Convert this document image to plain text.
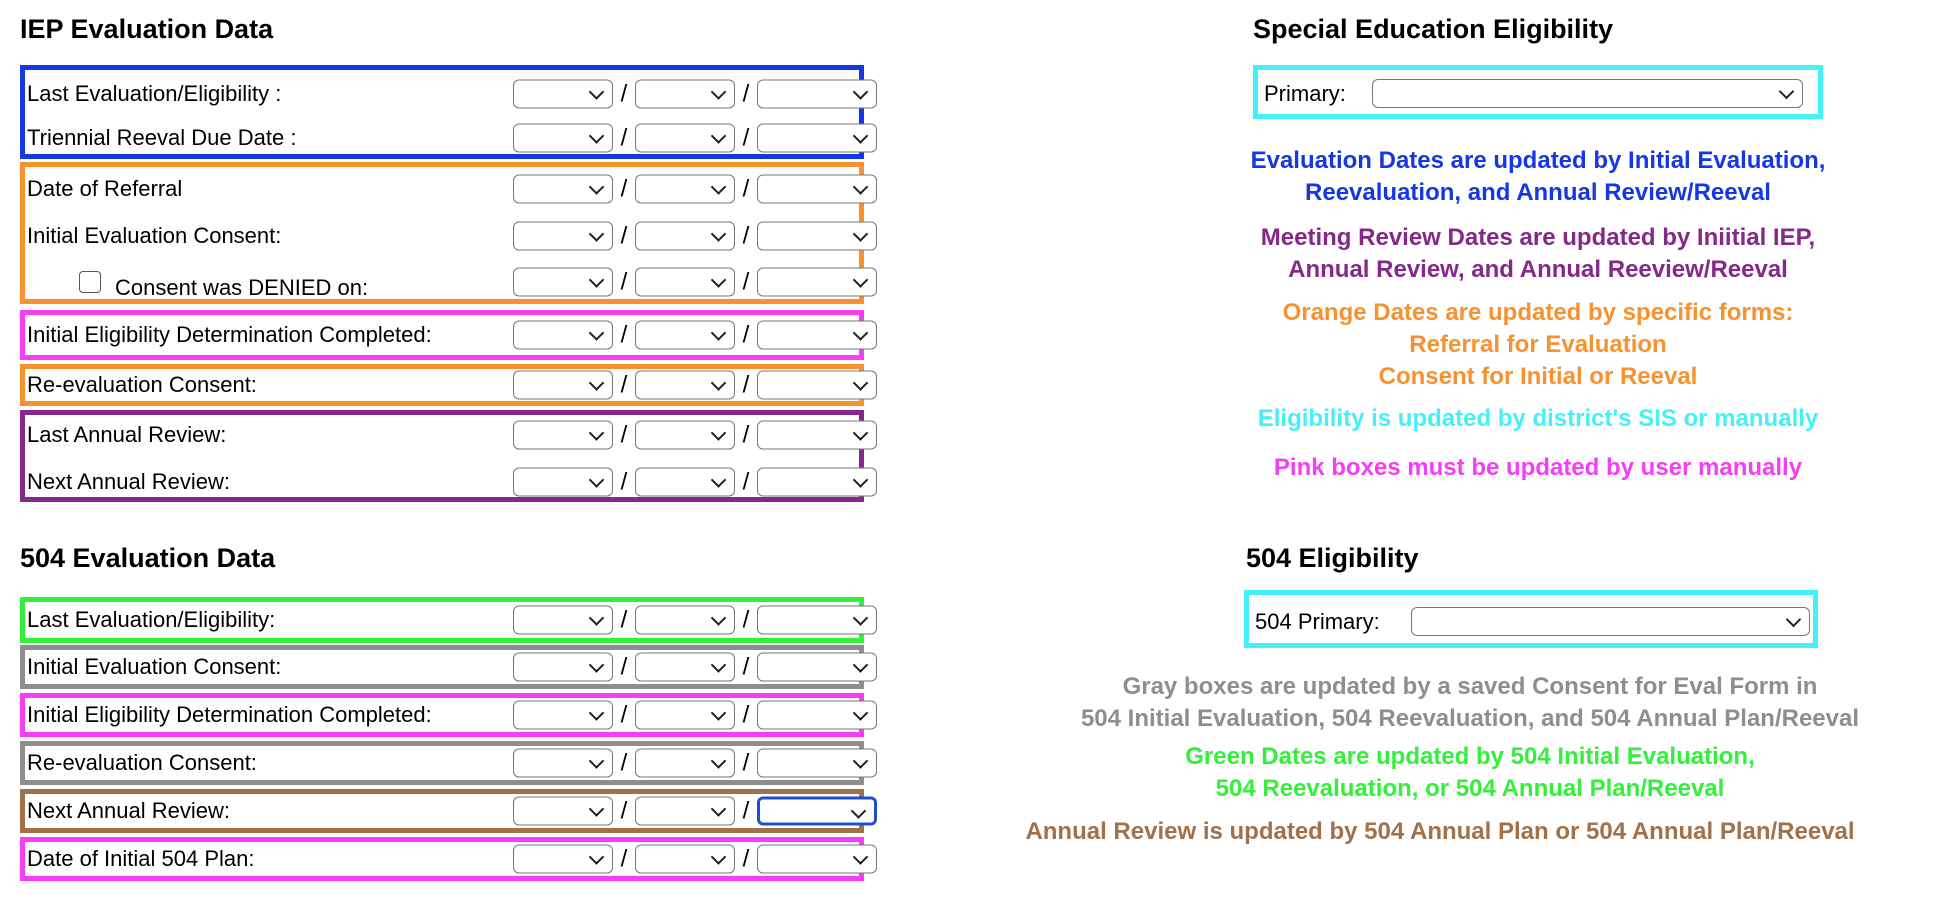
IEP Evaluation Data
Last Evaluation/Eligibility :	/	/
Triennial Reeval Due Date :	/	/
Date of Referral	/	/
Initial Evaluation Consent:	/	/
Consent was DENIED on:	/	/
Initial Eligibility Determination Completed:	/	/
Re-evaluation Consent:	/	/
Last Annual Review:	/	/
Next Annual Review:	/	/
Special Education Eligibility
Primary:
Evaluation Dates are updated by Initial Evaluation,
Reevaluation, and Annual Review/Reeval
Meeting Review Dates are updated by Iniitial IEP,
Annual Review, and Annual Reeview/Reeval
Orange Dates are updated by specific forms:
Referral for Evaluation
Consent for Initial or Reeval
Eligibility is updated by district's SIS or manually
Pink boxes must be updated by user manually
504 Evaluation Data
Last Evaluation/Eligibility:	/	/
Initial Evaluation Consent:	/	/
Initial Eligibility Determination Completed:	/	/
Re-evaluation Consent:	/	/
Next Annual Review:	/	/
Date of Initial 504 Plan:	/	/
504 Eligibility
504 Primary:
Gray boxes are updated by a saved Consent for Eval Form in
504 Initial Evaluation, 504 Reevaluation, and 504 Annual Plan/Reeval
Green Dates are updated by 504 Initial Evaluation,
504 Reevaluation, or 504 Annual Plan/Reeval
Annual Review is updated by 504 Annual Plan or 504 Annual Plan/Reeval
